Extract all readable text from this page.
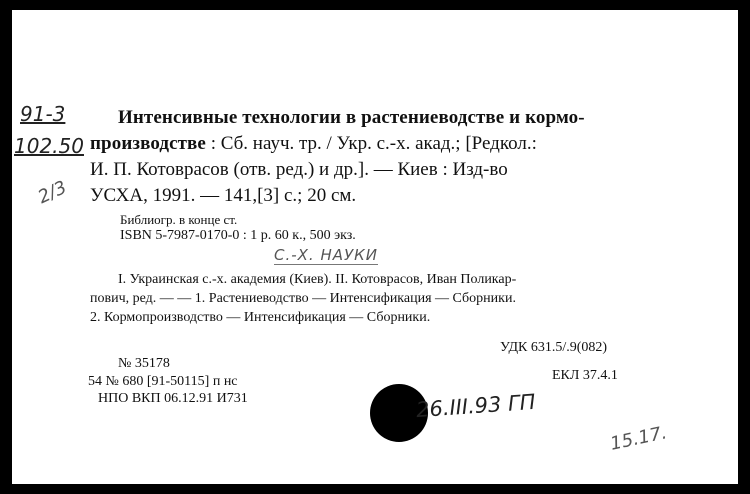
91-3
102.50
2/3
Интенсивные технологии в растениеводстве и кормо-
производстве : Сб. науч. тр. / Укр. с.-х. акад.; [Редкол.:
И. П. Котоврасов (отв. ред.) и др.]. — Киев : Изд-во
УСХА, 1991. — 141,[3] с.; 20 см.
Библиогр. в конце ст.
ISBN 5-7987-0170-0 : 1 р. 60 к., 500 экз.
С.-Х. НАУКИ
I. Украинская с.-х. академия (Киев). II. Котоврасов, Иван Поликар-
пович, ред. — — 1. Растениеводство — Интенсификация — Сборники.
2. Кормопроизводство — Интенсификация — Сборники.
УДК 631.5/.9(082)
№ 35178
54 № 680 [91-50115] п нс	ЕКЛ 37.4.1
НПО ВКП 06.12.91 И731	26.III.93 ГП
15.17.
